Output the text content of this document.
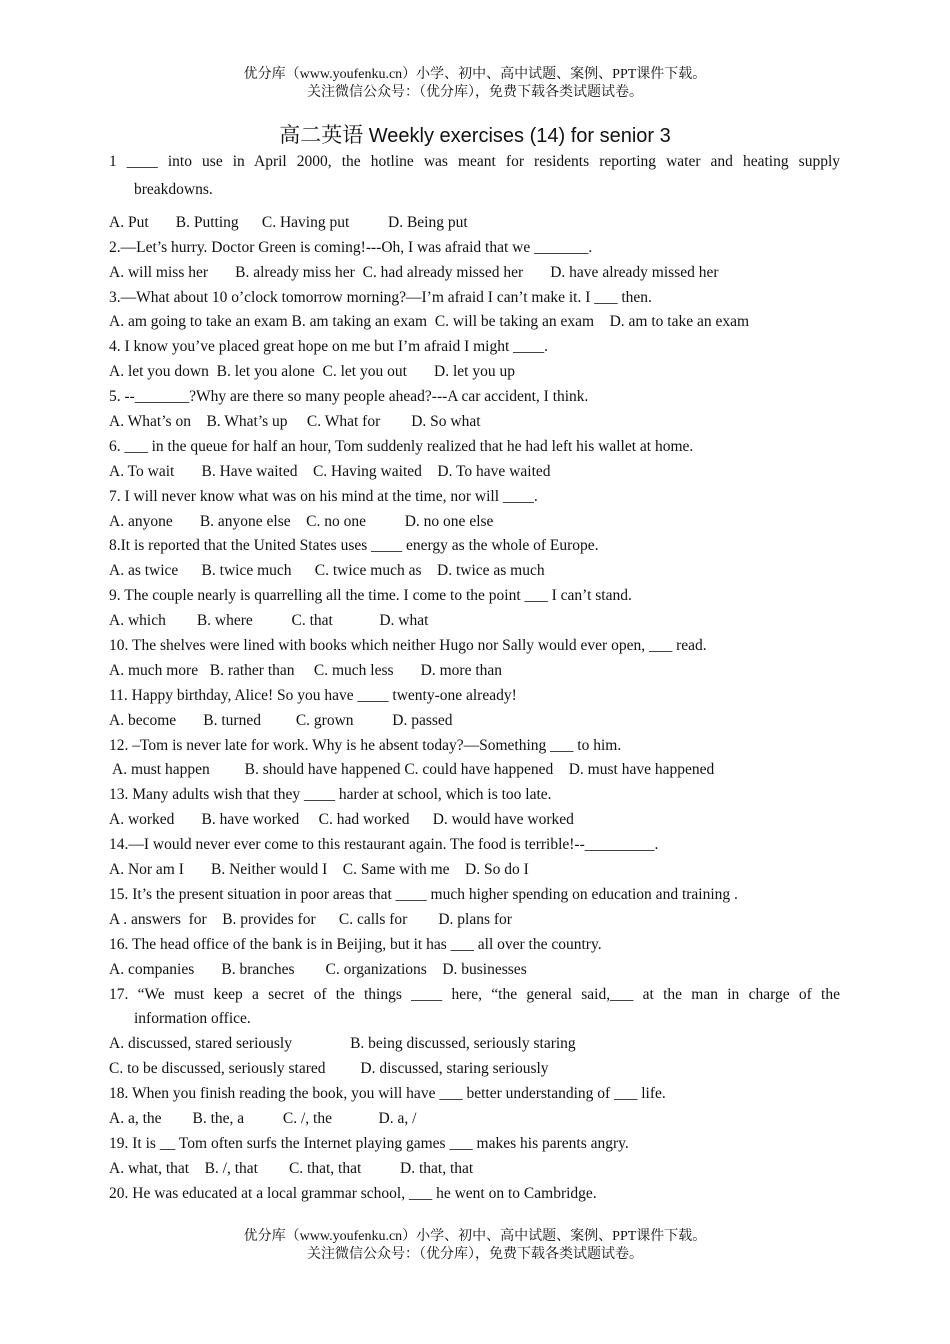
优分库（www.youfenku.cn）小学、初中、高中试题、案例、PPT课件下载。
关注微信公众号：（优分库），免费下载各类试题试卷。
高二英语 Weekly exercises (14) for senior 3
1 ____ into use in April 2000, the hotline was meant for residents reporting water and heating supply
breakdowns.
A. Put       B. Putting      C. Having put          D. Being put
2.—Let’s hurry. Doctor Green is coming!---Oh, I was afraid that we _______.
A. will miss her       B. already miss her  C. had already missed her       D. have already missed her
3.—What about 10 o’clock tomorrow morning?—I’m afraid I can’t make it. I ___ then.
A. am going to take an exam B. am taking an exam  C. will be taking an exam    D. am to take an exam
4. I know you’ve placed great hope on me but I’m afraid I might ____.
A. let you down  B. let you alone  C. let you out       D. let you up
5. --_______?Why are there so many people ahead?---A car accident, I think.
A. What’s on    B. What’s up     C. What for        D. So what
6. ___ in the queue for half an hour, Tom suddenly realized that he had left his wallet at home.
A. To wait       B. Have waited    C. Having waited    D. To have waited
7. I will never know what was on his mind at the time, nor will ____.
A. anyone       B. anyone else    C. no one          D. no one else
8.It is reported that the United States uses ____ energy as the whole of Europe.
A. as twice      B. twice much      C. twice much as    D. twice as much
9. The couple nearly is quarrelling all the time. I come to the point ___ I can’t stand.
A. which        B. where          C. that            D. what
10. The shelves were lined with books which neither Hugo nor Sally would ever open, ___ read.
A. much more   B. rather than     C. much less       D. more than
11. Happy birthday, Alice! So you have ____ twenty-one already!
A. become       B. turned         C. grown          D. passed
12. –Tom is never late for work. Why is he absent today?—Something ___ to him.
A. must happen         B. should have happened C. could have happened    D. must have happened
13. Many adults wish that they ____ harder at school, which is too late.
A. worked       B. have worked     C. had worked      D. would have worked
14.—I would never ever come to this restaurant again. The food is terrible!--_________.
A. Nor am I       B. Neither would I    C. Same with me    D. So do I
15. It’s the present situation in poor areas that ____ much higher spending on education and training .
A . answers  for    B. provides for      C. calls for        D. plans for
16. The head office of the bank is in Beijing, but it has ___ all over the country.
A. companies       B. branches        C. organizations    D. businesses
17. “We must keep a secret of the things ____ here, “the general said,___ at the man in charge of the
information office.
A. discussed, stared seriously               B. being discussed, seriously staring
C. to be discussed, seriously stared         D. discussed, staring seriously
18. When you finish reading the book, you will have ___ better understanding of ___ life.
A. a, the        B. the, a          C. /, the            D. a, /
19. It is __ Tom often surfs the Internet playing games ___ makes his parents angry.
A. what, that    B. /, that        C. that, that          D. that, that
20. He was educated at a local grammar school, ___ he went on to Cambridge.
优分库（www.youfenku.cn）小学、初中、高中试题、案例、PPT课件下载。
关注微信公众号：（优分库），免费下载各类试题试卷。
